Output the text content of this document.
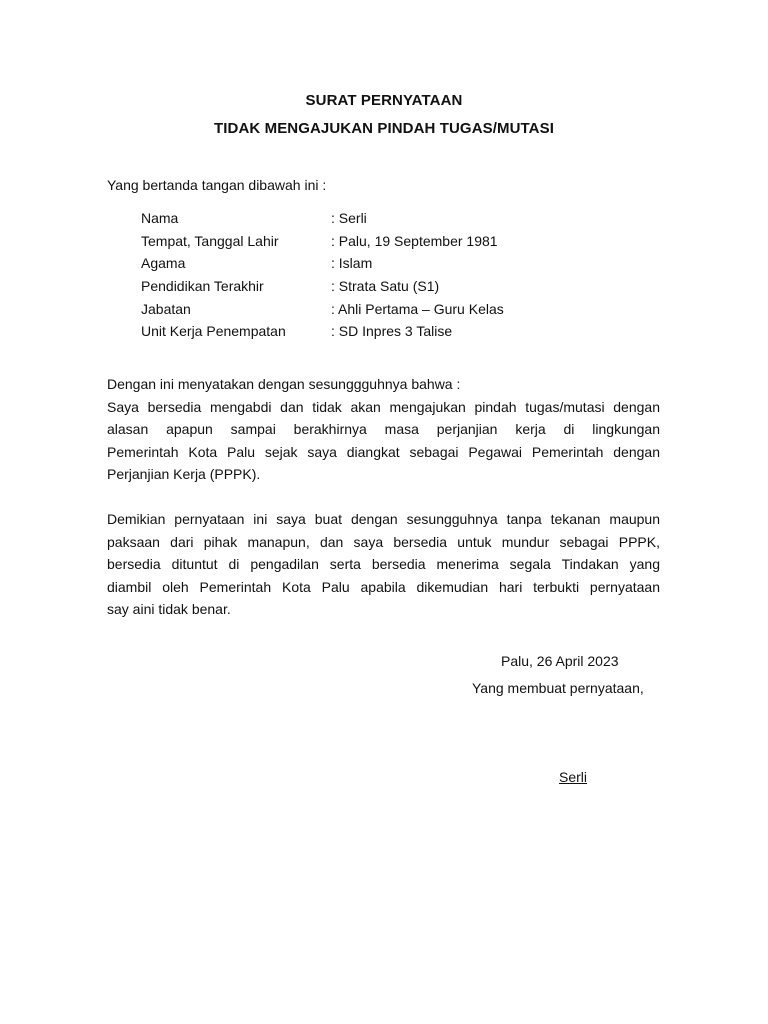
SURAT PERNYATAAN
TIDAK MENGAJUKAN PINDAH TUGAS/MUTASI
Yang bertanda tangan dibawah ini :
Nama	: Serli
Tempat, Tanggal Lahir	: Palu, 19 September 1981
Agama	: Islam
Pendidikan Terakhir	: Strata Satu (S1)
Jabatan	: Ahli Pertama – Guru Kelas
Unit Kerja Penempatan	: SD Inpres 3 Talise
Dengan ini menyatakan dengan sesunggguhnya bahwa :
Saya bersedia mengabdi dan tidak akan mengajukan pindah tugas/mutasi dengan
alasan apapun sampai berakhirnya masa perjanjian kerja di lingkungan
Pemerintah Kota Palu sejak saya diangkat sebagai Pegawai Pemerintah dengan
Perjanjian Kerja (PPPK).
Demikian pernyataan ini saya buat dengan sesungguhnya tanpa tekanan maupun
paksaan dari pihak manapun, dan saya bersedia untuk mundur sebagai PPPK,
bersedia dituntut di pengadilan serta bersedia menerima segala Tindakan yang
diambil oleh Pemerintah Kota Palu apabila dikemudian hari terbukti pernyataan
say aini tidak benar.
Palu, 26 April 2023
Yang membuat pernyataan,
Serli
